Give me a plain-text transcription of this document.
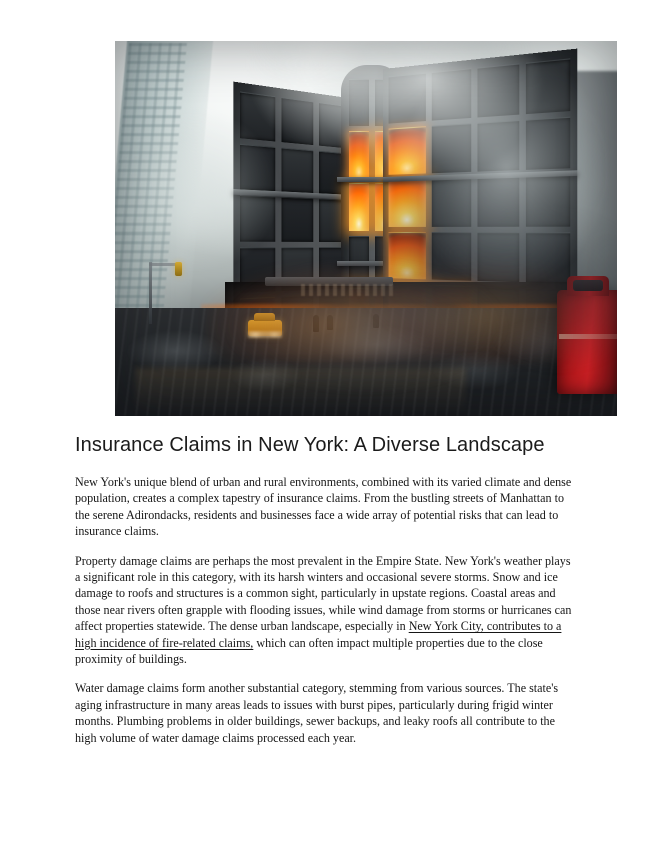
Insurance Claims in New York: A Diverse Landscape

New York's unique blend of urban and rural environments, combined with its varied climate and dense population, creates a complex tapestry of insurance claims. From the bustling streets of Manhattan to the serene Adirondacks, residents and businesses face a wide array of potential risks that can lead to insurance claims.

Property damage claims are perhaps the most prevalent in the Empire State. New York's weather plays a significant role in this category, with its harsh winters and occasional severe storms. Snow and ice damage to roofs and structures is a common sight, particularly in upstate regions. Coastal areas and those near rivers often grapple with flooding issues, while wind damage from storms or hurricanes can affect properties statewide. The dense urban landscape, especially in New York City, contributes to a high incidence of fire-related claims, which can often impact multiple properties due to the close proximity of buildings.

Water damage claims form another substantial category, stemming from various sources. The state's aging infrastructure in many areas leads to issues with burst pipes, particularly during frigid winter months. Plumbing problems in older buildings, sewer backups, and leaky roofs all contribute to the high volume of water damage claims processed each year.
